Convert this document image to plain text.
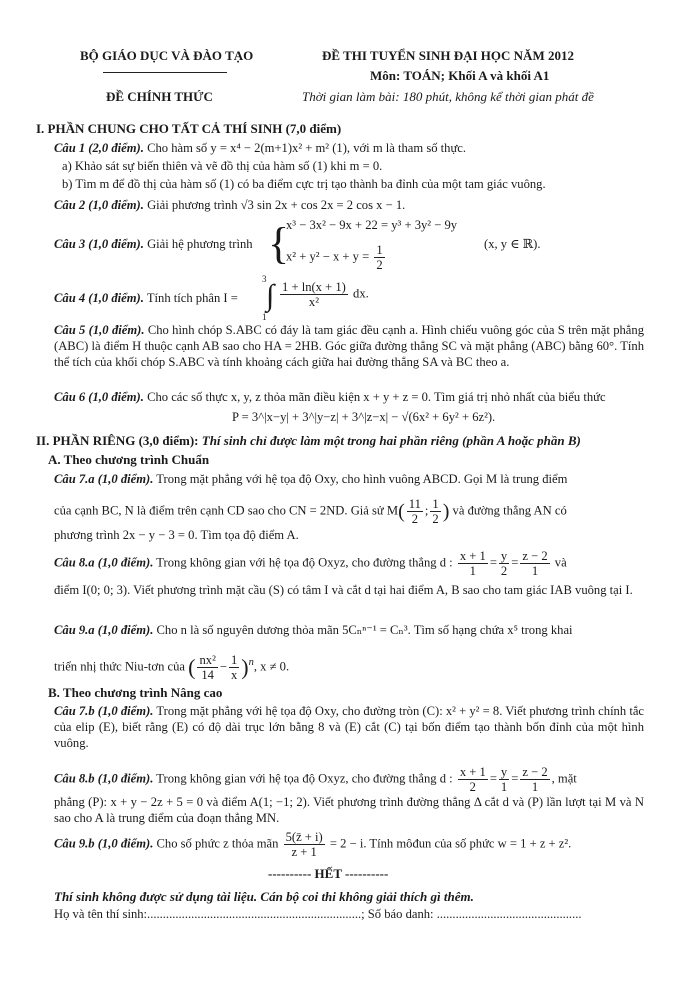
BỘ GIÁO DỤC VÀ ĐÀO TẠO
ĐỀ CHÍNH THỨC
ĐỀ THI TUYỂN SINH ĐẠI HỌC NĂM 2012
Môn: TOÁN; Khối A và khối A1
Thời gian làm bài: 180 phút, không kể thời gian phát đề
I. PHẦN CHUNG CHO TẤT CẢ THÍ SINH (7,0 điểm)
Câu 1 (2,0 điểm). Cho hàm số y = x⁴ − 2(m+1)x² + m² (1), với m là tham số thực.
a) Khảo sát sự biến thiên và vẽ đồ thị của hàm số (1) khi m = 0.
b) Tìm m để đồ thị của hàm số (1) có ba điểm cực trị tạo thành ba đỉnh của một tam giác vuông.
Câu 2 (1,0 điểm). Giải phương trình √3 sin 2x + cos 2x = 2 cos x − 1.
Câu 3 (1,0 điểm). Giải hệ phương trình {
x³ − 3x² − 9x + 22 = y³ + 3y² − 9y
$x^2 + y^2 - x + y = \frac{1}{2}$	(x, y ∈ ℝ).
Câu 4 (1,0 điểm). Tính tích phân I =
3 ∫
1
$\frac{1 + \ln(x + 1)}{\text{x²}}$ dx.
Câu 5 (1,0 điểm). Cho hình chóp S.ABC có đáy là tam giác đều cạnh a. Hình chiếu vuông góc của S trên mặt phẳng (ABC) là điểm H thuộc cạnh AB sao cho HA = 2HB. Góc giữa đường thẳng SC và mặt phẳng (ABC) bằng 60°. Tính thể tích của khối chóp S.ABC và tính khoảng cách giữa hai đường thẳng SA và BC theo a.
Câu 6 (1,0 điểm). Cho các số thực x, y, z thỏa mãn điều kiện x + y + z = 0. Tìm giá trị nhỏ nhất của biểu thức
P = 3^|x−y| + 3^|y−z| + 3^|z−x| − √(6x² + 6y² + 6z²).
II. PHẦN RIÊNG (3,0 điểm): Thí sinh chỉ được làm một trong hai phần riêng (phần A hoặc phần B)
A. Theo chương trình Chuẩn
Câu 7.a (1,0 điểm). Trong mặt phẳng với hệ tọa độ Oxy, cho hình vuông ABCD. Gọi M là trung điểm
của cạnh BC, N là điểm trên cạnh CD sao cho CN = 2ND. Giả sử $M( \frac{11}{2}$ ; $\frac{1}{2}$ ) và đường thẳng AN có
phương trình 2x − y − 3 = 0. Tìm tọa độ điểm A.
Câu 8.a (1,0 điểm). Trong không gian với hệ tọa độ Oxyz, cho đường thẳng d : $\frac{x + 1}{1} = \frac{y}{2} = \frac{z - 2}{1}$ và
điểm I(0; 0; 3). Viết phương trình mặt cầu (S) có tâm I và cắt d tại hai điểm A, B sao cho tam giác IAB vuông tại I.
Câu 9.a (1,0 điểm). Cho n là số nguyên dương thỏa mãn 5Cₙⁿ⁻¹ = Cₙ³. Tìm số hạng chứa x⁵ trong khai
triển nhị thức Niu-tơn của ( $\frac{\text{nx²}}{14} - \frac{1}{x} )^n$, x ≠ 0.
B. Theo chương trình Nâng cao
Câu 7.b (1,0 điểm). Trong mặt phẳng với hệ tọa độ Oxy, cho đường tròn (C): x² + y² = 8. Viết phương trình chính tắc của elip (E), biết rằng (E) có độ dài trục lớn bằng 8 và (E) cắt (C) tại bốn điểm tạo thành bốn đỉnh của một hình vuông.
Câu 8.b (1,0 điểm). Trong không gian với hệ tọa độ Oxyz, cho đường thẳng d : $\frac{x + 1}{2} = \frac{y}{1} = \frac{z - 2}{1}$ , mặt
phẳng (P): x + y − 2z + 5 = 0 và điểm A(1; −1; 2). Viết phương trình đường thẳng Δ cắt d và (P) lần lượt tại M và N sao cho A là trung điểm của đoạn thẳng MN.
Câu 9.b (1,0 điểm). Cho số phức z thỏa mãn $\frac{5(z̄ + i)}{z + 1} = 2 - i$. Tính môđun của số phức w = 1 + z + z².
---------- HẾT ----------
Thí sinh không được sử dụng tài liệu. Cán bộ coi thi không giải thích gì thêm.
Họ và tên thí sinh:....................................................................; Số báo danh: ..............................................
